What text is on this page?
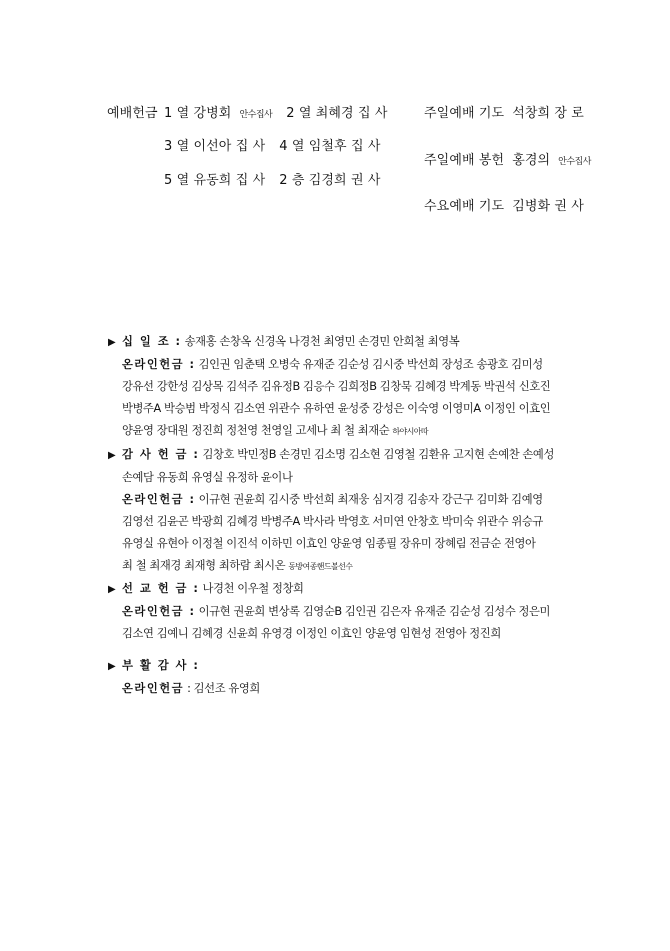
예배헌금 1 열 강병회 안수집사 2 열 최혜경 집 사
3 열 이선아 집 사 4 열 임철후 집 사
5 열 유동희 집 사 2 층 김경희 권 사
주일예배 기도 석창희 장 로
주일예배 봉헌 홍경의 안수집사
수요예배 기도 김병화 권 사
▶ 십 일 조 : 송재홍 손창옥 신경옥 나경천 최영민 손경민 안희철 최영복
온라인헌금 : 김인권 임춘택 오병숙 유재준 김순성 김시중 박선희 장성조 송광호 김미성
강유선 강한성 김상목 김석주 김유정B 김응수 김희정B 김창묵 김혜경 박계동 박권석 신호진
박병주A 박승범 박정식 김소연 위관수 유하연 윤성중 강성은 이숙영 이영미A 이정인 이효인
양윤영 장대원 정진희 정천영 천영일 고세나 최 철 최재순 하야시아따
▶ 감 사 헌 금 : 김창호 박민정B 손경민 김소명 김소현 김영철 김환유 고지현 손예찬 손예성
손예담 유동희 유영실 유정하 윤이나
온라인헌금 : 이규현 권윤희 김시중 박선희 최재웅 심지경 김송자 강근구 김미화 김예영
김영선 김윤곤 박광희 김혜경 박병주A 박사라 박영호 서미연 안창호 박미숙 위관수 위승규
유영실 유현아 이정철 이진석 이하민 이효인 양윤영 임종필 장유미 장혜림 전금순 전영아
최 철 최재경 최재형 최하람 최시온 동방여종핸드볼선수
▶ 선 교 헌 금 : 나경천 이우철 정창희
온라인헌금 : 이규현 권윤희 변상록 김영순B 김인권 김은자 유재준 김순성 김성수 정은미
김소연 김예니 김혜경 신윤희 유영경 이정인 이효인 양윤영 임현성 전영아 정진희
▶ 부 활 감 사 :
온라인헌금 : 김선조 유영희
